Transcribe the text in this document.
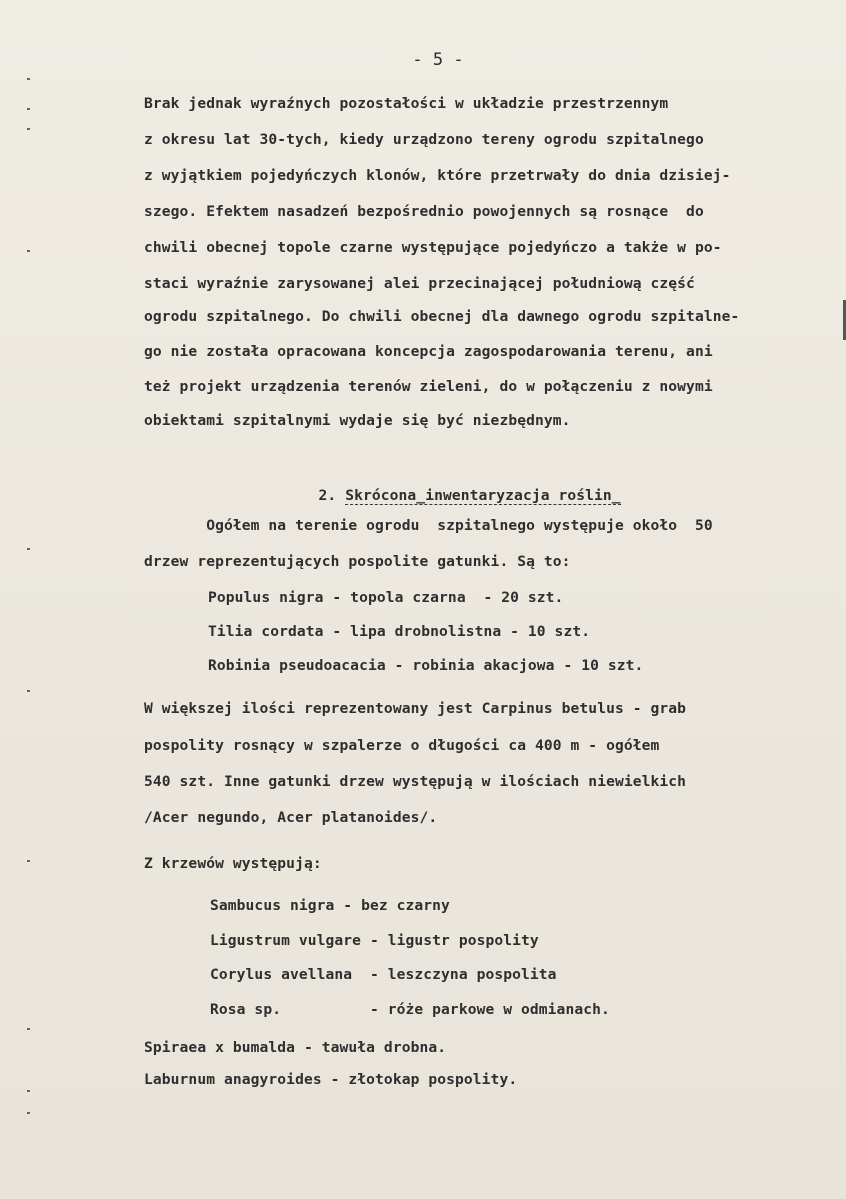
- 5 -
Brak jednak wyraźnych pozostałości w układzie przestrzennym
z okresu lat 30-tych, kiedy urządzono tereny ogrodu szpitalnego
z wyjątkiem pojedyńczych klonów, które przetrwały do dnia dzisiej-
szego. Efektem nasadzeń bezpośrednio powojennych są rosnące  do
chwili obecnej topole czarne występujące pojedyńczo a także w po-
staci wyraźnie zarysowanej alei przecinającej południową część
ogrodu szpitalnego. Do chwili obecnej dla dawnego ogrodu szpitalne-
go nie została opracowana koncepcja zagospodarowania terenu, ani
też projekt urządzenia terenów zieleni, do w połączeniu z nowymi
obiektami szpitalnymi wydaje się być niezbędnym.

2. Skrócona_inwentaryzacja roślin_

Ogółem na terenie ogrodu  szpitalnego występuje około  50
drzew reprezentujących pospolite gatunki. Są to:
Populus nigra - topola czarna  - 20 szt.
Tilia cordata - lipa drobnolistna - 10 szt.
Robinia pseudoacacia - robinia akacjowa - 10 szt.
W większej ilości reprezentowany jest Carpinus betulus - grab
pospolity rosnący w szpalerze o długości ca 400 m - ogółem
540 szt. Inne gatunki drzew występują w ilościach niewielkich
/Acer negundo, Acer platanoides/.
Z krzewów występują:
Sambucus nigra - bez czarny
Ligustrum vulgare - ligustr pospolity
Corylus avellana  - leszczyna pospolita
Rosa sp.          - róże parkowe w odmianach.
Spiraea x bumalda - tawuła drobna.
Laburnum anagyroides - złotokap pospolity.
